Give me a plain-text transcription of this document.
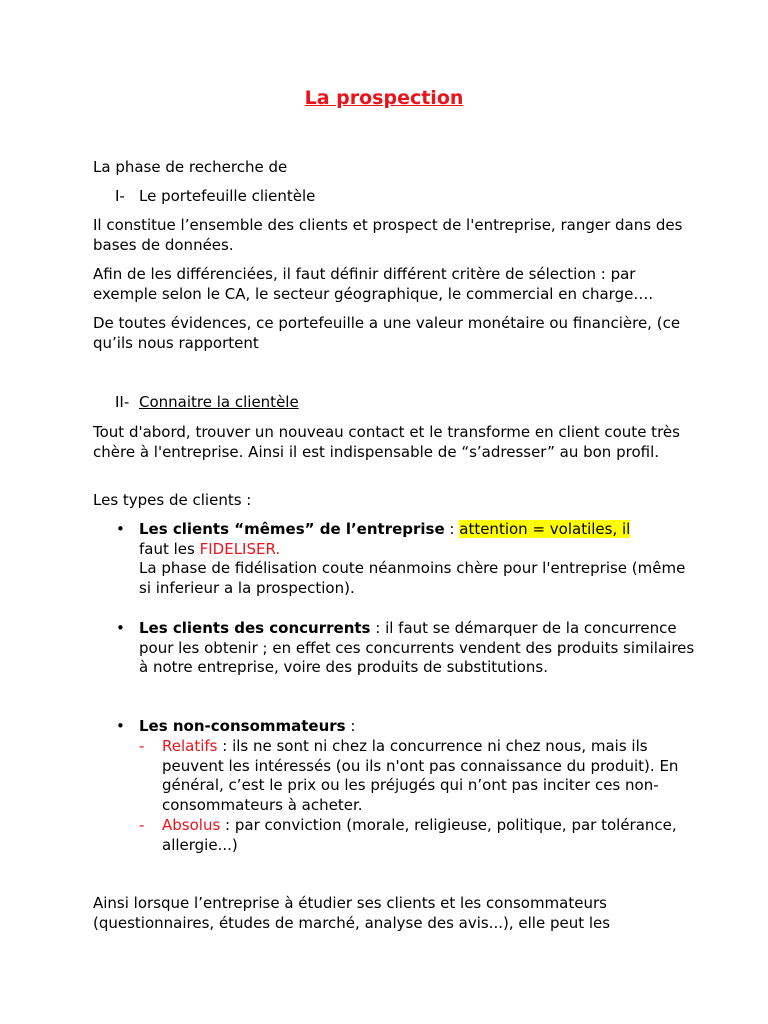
La prospection

La phase de recherche de

I- Le portefeuille clientèle

Il constitue l’ensemble des clients et prospect de l'entreprise, ranger dans des bases de données.

Afin de les différenciées, il faut définir différent critère de sélection : par exemple selon le CA, le secteur géographique, le commercial en charge….

De toutes évidences, ce portefeuille a une valeur monétaire ou financière, (ce qu’ils nous rapportent

II- Connaitre la clientèle

Tout d'abord, trouver un nouveau contact et le transforme en client coute très chère à l'entreprise. Ainsi il est indispensable de “s’adresser” au bon profil.

Les types de clients :

• Les clients “mêmes” de l’entreprise : attention = volatiles, il
faut les FIDELISER.
La phase de fidélisation coute néanmoins chère pour l'entreprise (même si inferieur a la prospection).
• Les clients des concurrents : il faut se démarquer de la concurrence pour les obtenir ; en effet ces concurrents vendent des produits similaires à notre entreprise, voire des produits de substitutions.

• Les non-consommateurs :

- Relatifs : ils ne sont ni chez la concurrence ni chez nous, mais ils peuvent les intéressés (ou ils n'ont pas connaissance du produit). En général, c’est le prix ou les préjugés qui n’ont pas inciter ces non-consommateurs à acheter.

- Absolus : par conviction (morale, religieuse, politique, par tolérance, allergie...)

Ainsi lorsque l’entreprise à étudier ses clients et les consommateurs (questionnaires, études de marché, analyse des avis...), elle peut les
